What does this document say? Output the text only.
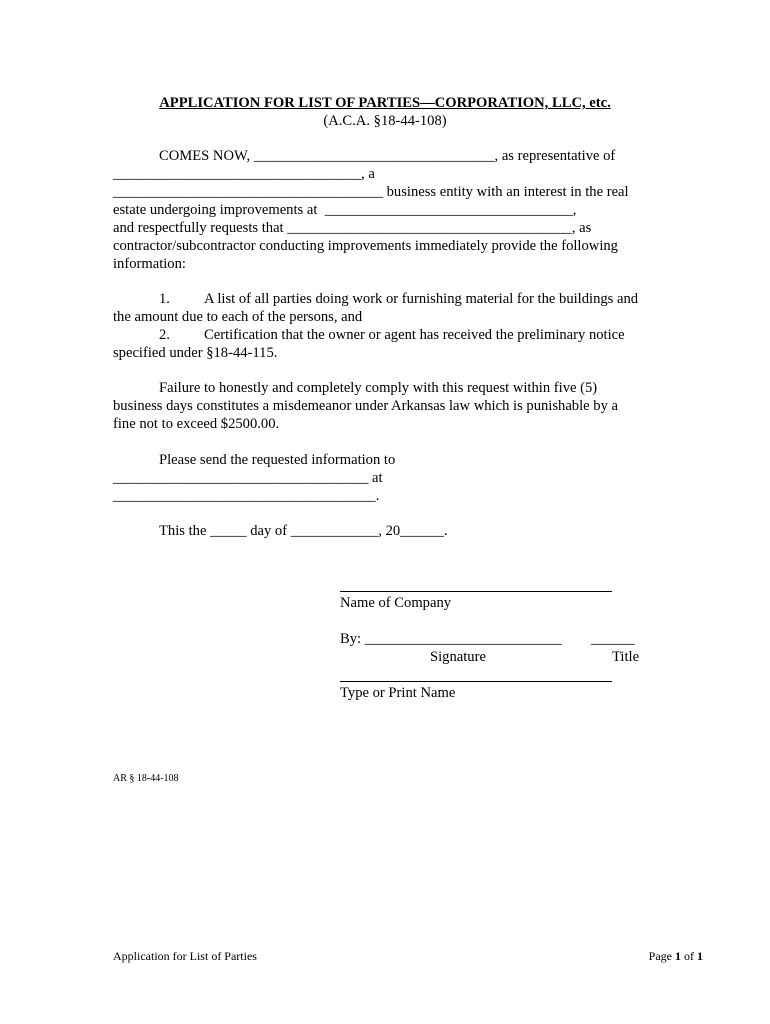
APPLICATION FOR LIST OF PARTIES—CORPORATION, LLC, etc.
(A.C.A. §18-44-108)
COMES NOW, _________________________________, as representative of
__________________________________, a
_____________________________________ business entity with an interest in the real
estate undergoing improvements at  __________________________________,
and respectfully requests that _______________________________________, as
contractor/subcontractor conducting improvements immediately provide the following
information:
1. A list of all parties doing work or furnishing material for the buildings and
the amount due to each of the persons, and
2. Certification that the owner or agent has received the preliminary notice
specified under §18-44-115.
Failure to honestly and completely comply with this request within five (5)
business days constitutes a misdemeanor under Arkansas law which is punishable by a
fine not to exceed $2500.00.
Please send the requested information to
___________________________________ at
____________________________________.
This the _____ day of ____________, 20______.
Name of Company
By: ___________________________        ______
Signature	Title
Type or Print Name
AR § 18-44-108
Application for List of Parties	Page 1 of 1
